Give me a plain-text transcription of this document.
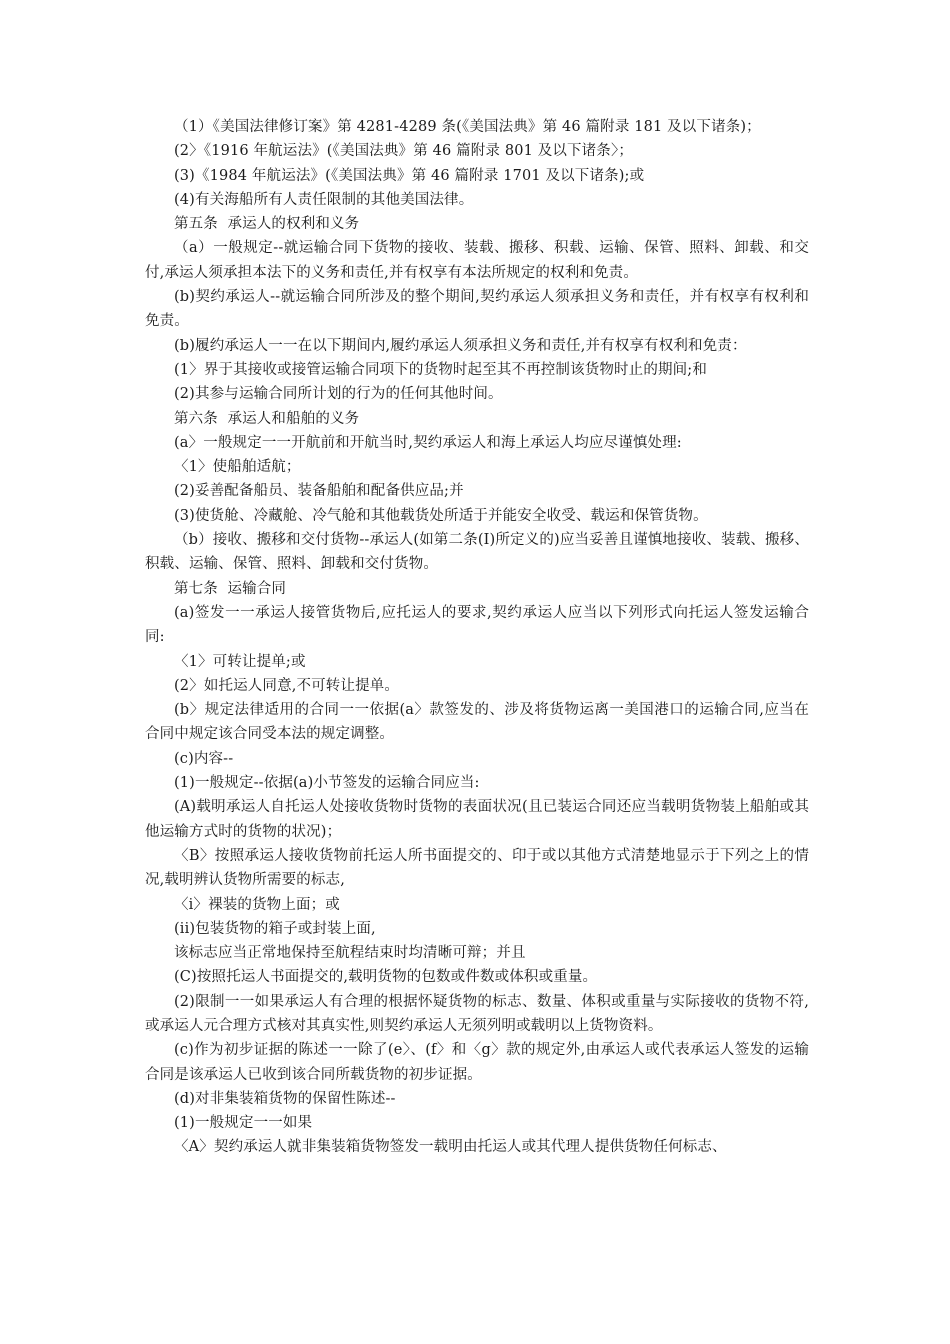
（1）《美国法律修订案》第 4281-4289 条(《美国法典》第 46 篇附录 181 及以下诸条)；

(2〉《1916 年航运法》(《美国法典》第 46 篇附录 801 及以下诸条〉；

(3)《1984 年航运法》(《美国法典》第 46 篇附录 1701 及以下诸条);或

(4)有关海船所有人责任限制的其他美国法律。

第五条  承运人的权利和义务

（a）一般规定--就运输合同下货物的接收、装载、搬移、积载、运输、保管、照料、卸载、和交付,承运人须承担本法下的义务和责任,并有权享有本法所规定的权利和免责。

(b)契约承运人--就运输合同所涉及的整个期间,契约承运人须承担义务和责任，并有权享有权利和免责。

(b)履约承运人一一在以下期间内,履约承运人须承担义务和责任,并有权享有权利和免责：

(1〉界于其接收或接管运输合同项下的货物时起至其不再控制该货物时止的期间;和

(2)其参与运输合同所计划的行为的任何其他时间。

第六条  承运人和船舶的义务

(a〉一般规定一一开航前和开航当时,契约承运人和海上承运人均应尽谨慎处理:

〈1〉使船舶适航；

(2)妥善配备船员、装备船舶和配备供应品;并

(3)使货舱、冷藏舱、冷气舱和其他载货处所适于并能安全收受、载运和保管货物。

（b）接收、搬移和交付货物--承运人(如第二条(I)所定义的)应当妥善且谨慎地接收、装载、搬移、积载、运输、保管、照料、卸载和交付货物。

第七条  运输合同

(a)签发一一承运人接管货物后,应托运人的要求,契约承运人应当以下列形式向托运人签发运输合同:

〈1〉可转让提单;或

(2〉如托运人同意,不可转让提单。

(b〉规定法律适用的合同一一依据(a〉款签发的、涉及将货物运离一美国港口的运输合同,应当在合同中规定该合同受本法的规定调整。

(c)内容--

(1)一般规定--依据(a)小节签发的运输合同应当:

(A)载明承运人自托运人处接收货物时货物的表面状况(且已装运合同还应当载明货物装上船舶或其他运输方式时的货物的状况)；

〈B〉按照承运人接收货物前托运人所书面提交的、印于或以其他方式清楚地显示于下列之上的情况,载明辨认货物所需要的标志,

〈i〉裸装的货物上面；或

(ii)包装货物的箱子或封装上面,

该标志应当正常地保持至航程结束时均清晰可辩；并且

(C)按照托运人书面提交的,载明货物的包数或件数或体积或重量。

(2)限制一一如果承运人有合理的根据怀疑货物的标志、数量、体积或重量与实际接收的货物不符,或承运人元合理方式核对其真实性,则契约承运人无须列明或载明以上货物资料。

(c)作为初步证据的陈述一一除了(e〉、(f〉和〈g〉款的规定外,由承运人或代表承运人签发的运输合同是该承运人已收到该合同所载货物的初步证据。

(d)对非集装箱货物的保留性陈述--

(1)一般规定一一如果

〈A〉契约承运人就非集装箱货物签发一载明由托运人或其代理人提供货物任何标志、
